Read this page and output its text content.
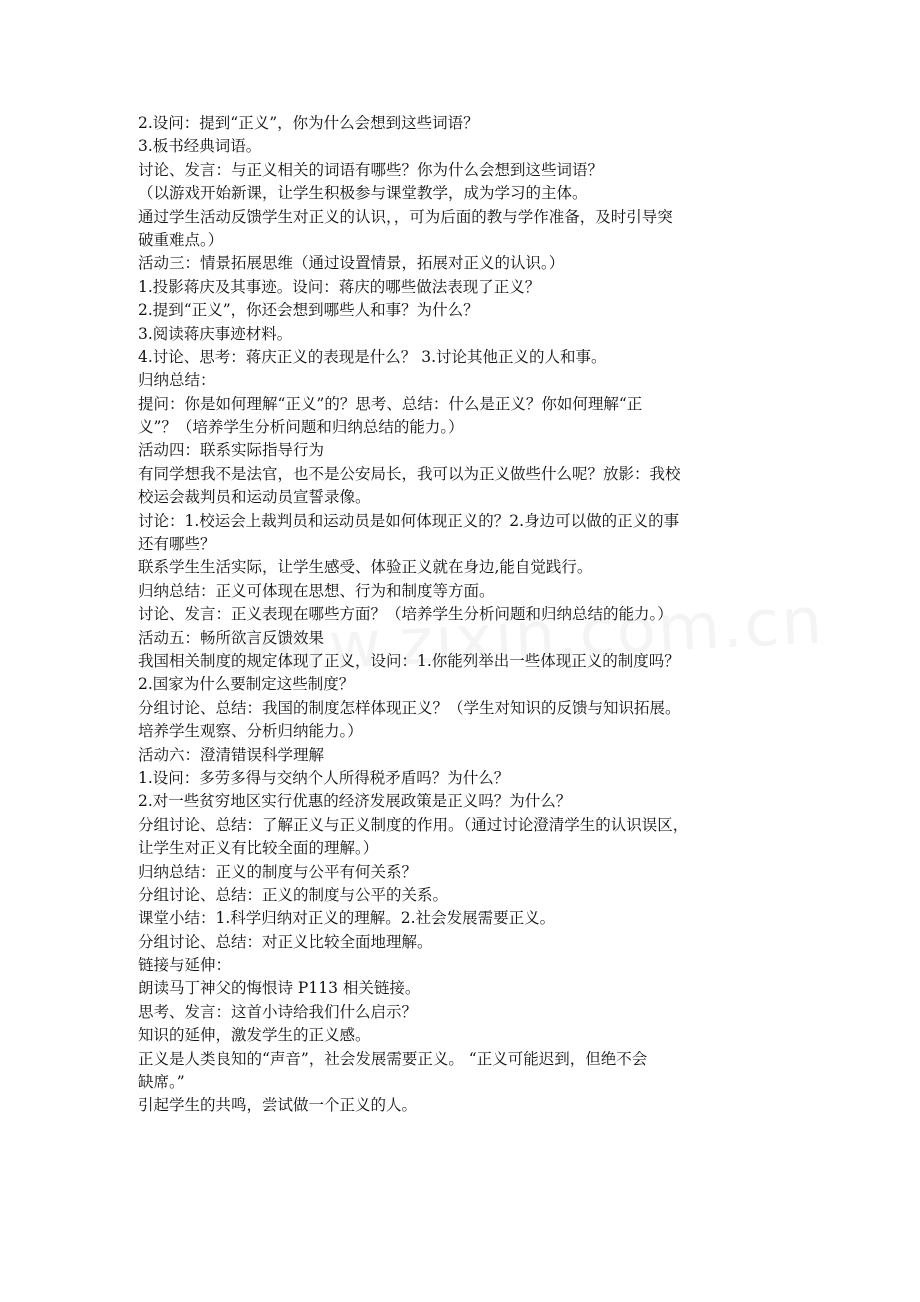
2.设问：提到“正义”，你为什么会想到这些词语？

3.板书经典词语。

讨论、发言：与正义相关的词语有哪些？你为什么会想到这些词语？

（以游戏开始新课，让学生积极参与课堂教学，成为学习的主体。

通过学生活动反馈学生对正义的认识，，可为后面的教与学作准备，及时引导突

破重难点。）

活动三：情景拓展思维（通过设置情景，拓展对正义的认识。）

1.投影蒋庆及其事迹。设问：蒋庆的哪些做法表现了正义？

2.提到“正义”，你还会想到哪些人和事？为什么？

3.阅读蒋庆事迹材料。

4.讨论、思考：蒋庆正义的表现是什么？ 3.讨论其他正义的人和事。

归纳总结：

提问：你是如何理解“正义”的？思考、总结：什么是正义？你如何理解“正

义”？（培养学生分析问题和归纳总结的能力。）

活动四：联系实际指导行为

有同学想我不是法官，也不是公安局长，我可以为正义做些什么呢？放影：我校

校运会裁判员和运动员宣誓录像。

讨论：1.校运会上裁判员和运动员是如何体现正义的？2.身边可以做的正义的事

还有哪些？

联系学生生活实际，让学生感受、体验正义就在身边,能自觉践行。

归纳总结：正义可体现在思想、行为和制度等方面。

讨论、发言：正义表现在哪些方面？（培养学生分析问题和归纳总结的能力。）

活动五：畅所欲言反馈效果

我国相关制度的规定体现了正义，设问：1.你能列举出一些体现正义的制度吗？

2.国家为什么要制定这些制度？

分组讨论、总结：我国的制度怎样体现正义？（学生对知识的反馈与知识拓展。

培养学生观察、分析归纳能力。）

活动六：澄清错误科学理解

1.设问：多劳多得与交纳个人所得税矛盾吗？为什么？

2.对一些贫穷地区实行优惠的经济发展政策是正义吗？为什么？

分组讨论、总结：了解正义与正义制度的作用。（通过讨论澄清学生的认识误区，

让学生对正义有比较全面的理解。）

归纳总结：正义的制度与公平有何关系？

分组讨论、总结：正义的制度与公平的关系。

课堂小结：1.科学归纳对正义的理解。2.社会发展需要正义。

分组讨论、总结：对正义比较全面地理解。

链接与延伸：

朗读马丁神父的悔恨诗 P113 相关链接。

思考、发言：这首小诗给我们什么启示？

知识的延伸，激发学生的正义感。

正义是人类良知的“声音”，社会发展需要正义。 “正义可能迟到，但绝不会

缺席。”

引起学生的共鸣，尝试做一个正义的人。
